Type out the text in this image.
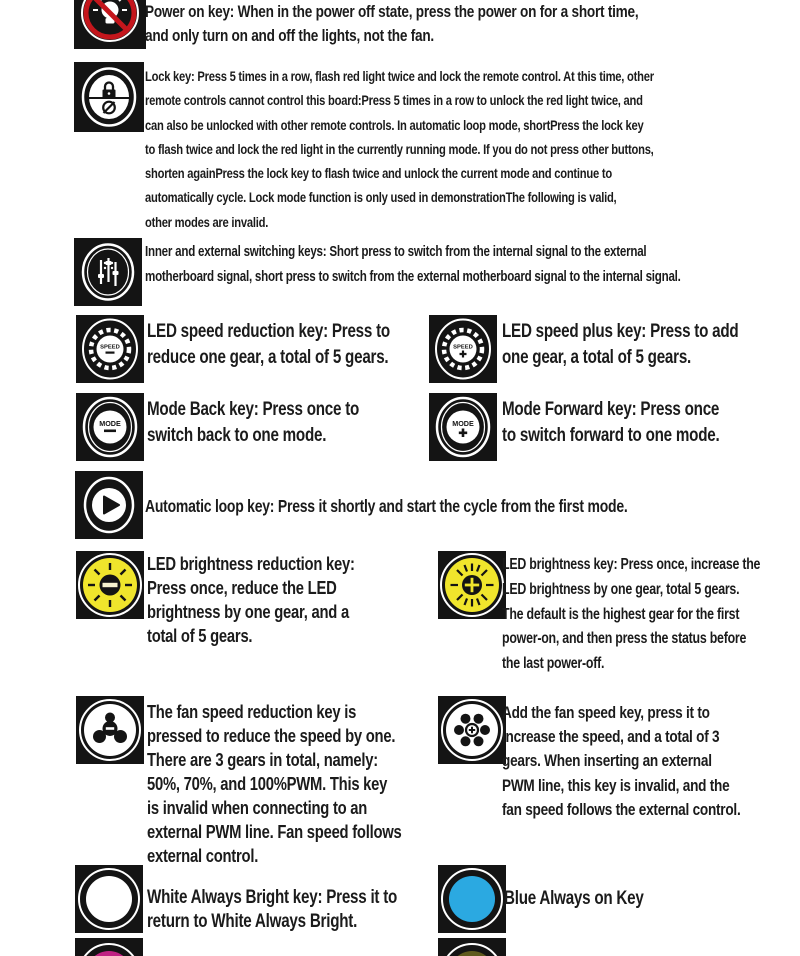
Power on key: When in the power off state, press the power on for a short time,
and only turn on and off the lights, not the fan.
Lock key: Press 5 times in a row, flash red light twice and lock the remote control. At this time, other
remote controls cannot control this board:Press 5 times in a row to unlock the red light twice, and
can also be unlocked with other remote controls. In automatic loop mode, shortPress the lock key
to flash twice and lock the red light in the currently running mode. If you do not press other buttons,
shorten againPress the lock key to flash twice and unlock the current mode and continue to
automatically cycle. Lock mode function is only used in demonstrationThe following is valid,
other modes are invalid.
Inner and external switching keys: Short press to switch from the internal signal to the external
motherboard signal, short press to switch from the external motherboard signal to the internal signal.
SPEED
LED speed reduction key: Press to
reduce one gear, a total of 5 gears.	SPEED
LED speed plus key: Press to add
one gear, a total of 5 gears.
MODE
Mode Back key: Press once to
switch back to one mode.
MODE
Mode Forward key: Press once
to switch forward to one mode.
Automatic loop key: Press it shortly and start the cycle from the first mode.
LED brightness reduction key:
Press once, reduce the LED
brightness by one gear, and a
total of 5 gears.
LED brightness key: Press once, increase the
LED brightness by one gear, total 5 gears.
The default is the highest gear for the first
power-on, and then press the status before
the last power-off.
The fan speed reduction key is
pressed to reduce the speed by one.
There are 3 gears in total, namely:
50%, 70%, and 100%PWM. This key
is invalid when connecting to an
external PWM line. Fan speed follows
external control.
Add the fan speed key, press it to
increase the speed, and a total of 3
gears. When inserting an external
PWM line, this key is invalid, and the
fan speed follows the external control.
White Always Bright key: Press it to
return to White Always Bright.
Blue Always on Key
